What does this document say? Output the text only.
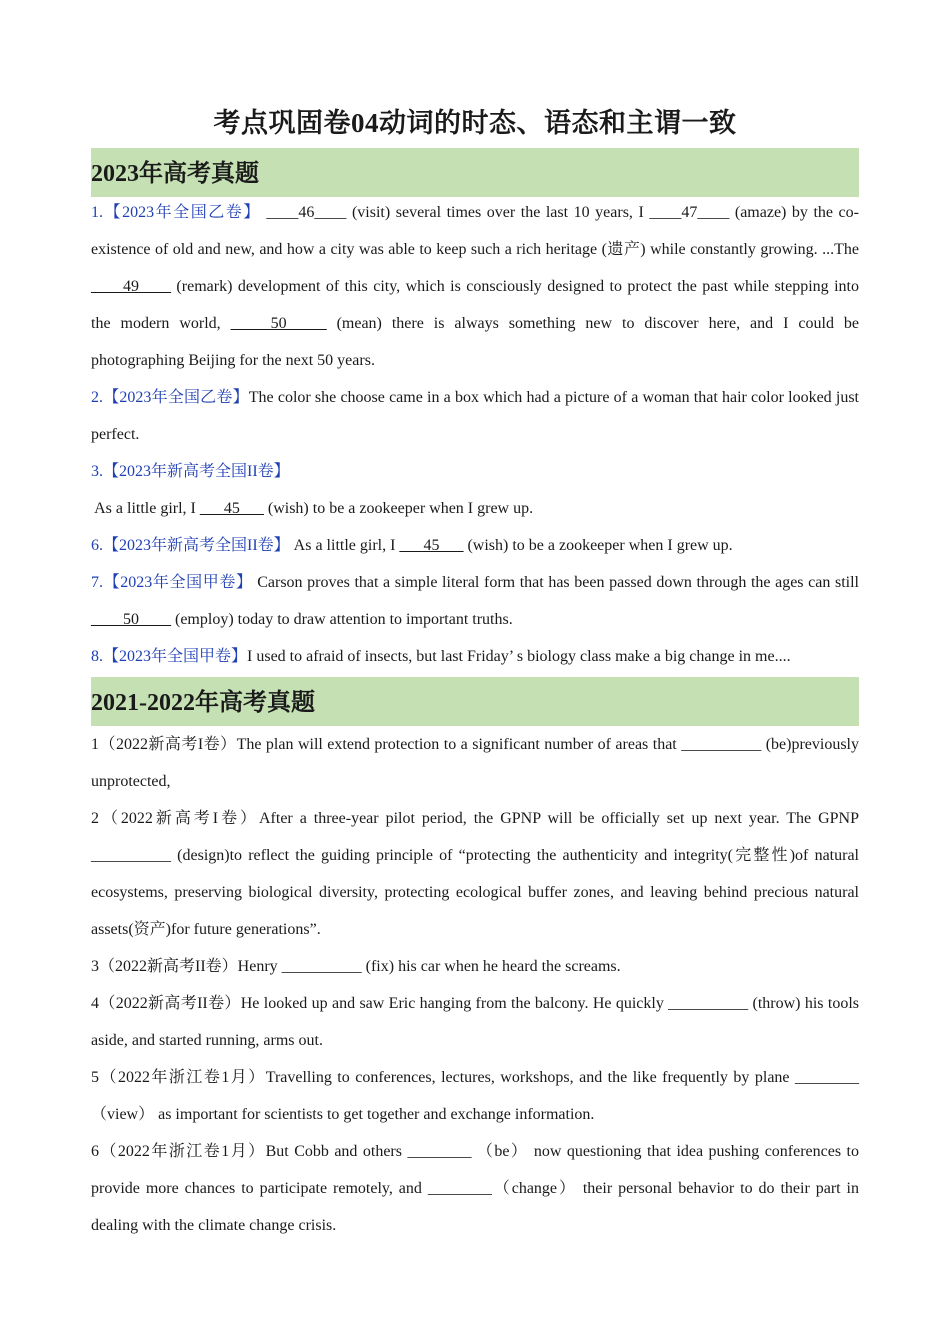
考点巩固卷04动词的时态、语态和主谓一致
2023年高考真题

1.【2023年全国乙卷】 ____46____ (visit) several times over the last 10 years, I ____47____ (amaze) by the co-existence of old and new, and how a city was able to keep such a rich heritage (遗产) while constantly growing. ...The ____49____ (remark) development of this city, which is consciously designed to protect the past while stepping into the modern world, _____50_____ (mean) there is always something new to discover here, and I could be photographing Beijing for the next 50 years.

2.【2023年全国乙卷】The color she choose came in a box which had a picture of a woman that hair color looked just perfect.

3.【2023年新高考全国II卷】

As a little girl, I ___45___ (wish) to be a zookeeper when I grew up.

6.【2023年新高考全国II卷】 As a little girl, I ___45___ (wish) to be a zookeeper when I grew up.

7.【2023年全国甲卷】 Carson proves that a simple literal form that has been passed down through the ages can still ____50____ (employ) today to draw attention to important truths.

8.【2023年全国甲卷】I used to afraid of insects, but last Friday’ s biology class make a big change in me....

2021-2022年高考真题

1（2022新高考I卷）The plan will extend protection to a significant number of areas that __________ (be)previously unprotected,

2（2022新高考I卷）After a three-year pilot period, the GPNP will be officially set up next year. The GPNP __________ (design)to reflect the guiding principle of “protecting the authenticity and integrity(完整性)of natural ecosystems, preserving biological diversity, protecting ecological buffer zones, and leaving behind precious natural assets(资产)for future generations”.

3（2022新高考II卷）Henry __________ (fix) his car when he heard the screams.

4（2022新高考II卷）He looked up and saw Eric hanging from the balcony. He quickly __________ (throw) his tools aside, and started running, arms out.

5（2022年浙江卷1月）Travelling to conferences, lectures, workshops, and the like frequently by plane ________（view） as important for scientists to get together and exchange information.

6（2022年浙江卷1月）But Cobb and others ________ （be） now questioning that idea pushing conferences to provide more chances to participate remotely, and ________（change） their personal behavior to do their part in dealing with the climate change crisis.
